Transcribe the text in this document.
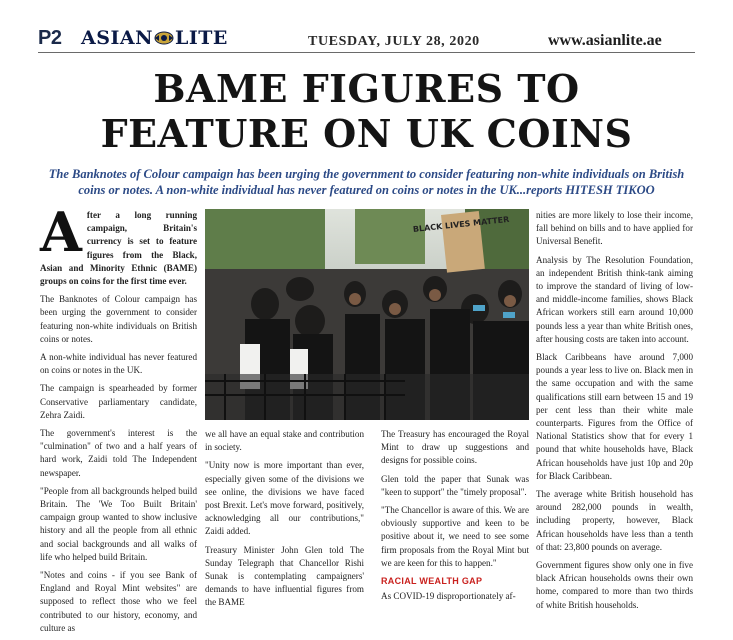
P2 ASIAN LITE	TUESDAY, JULY 28, 2020	www.asianlite.ae
BAME FIGURES TO
FEATURE ON UK COINS
The Banknotes of Colour campaign has been urging the government to consider featuring non-white individuals on British coins or notes. A non-white individual has never featured on coins or notes in the UK...reports HITESH TIKOO

A fter a long running campaign, Britain's currency is set to feature figures from the Black, Asian and Minority Ethnic (BAME) groups on coins for the first time ever.

The Banknotes of Colour campaign has been urging the government to consider featuring non-white individuals on British coins or notes.

A non-white individual has never featured on coins or notes in the UK.

The campaign is spearheaded by former Conservative parliamentary candidate, Zehra Zaidi.

The government's interest is the "culmination" of two and a half years of hard work, Zaidi told The Independent newspaper.

"People from all backgrounds helped build Britain. The 'We Too Built Britain' campaign group wanted to show inclusive history and all the people from all ethnic and social backgrounds and all walks of life who helped build Britain.

"Notes and coins - if you see Bank of England and Royal Mint websites" are supposed to reflect those who we feel contributed to our history, economy, and culture as

BLACK LIVES MATTER

we all have an equal stake and contribution in society.

"Unity now is more important than ever, especially given some of the divisions we see online, the divisions we have faced post Brexit. Let's move forward, positively, acknowledging all our contributions," Zaidi added.

Treasury Minister John Glen told The Sunday Telegraph that Chancellor Rishi Sunak is contemplating campaigners' demands to have influential figures from the BAME

The Treasury has encouraged the Royal Mint to draw up suggestions and designs for possible coins.

Glen told the paper that Sunak was "keen to support" the "timely proposal".

"The Chancellor is aware of this. We are obviously supportive and keen to be positive about it, we need to see some firm proposals from the Royal Mint but we are keen for this to happen."

RACIAL WEALTH GAP

As COVID-19 disproportionately af-

nities are more likely to lose their income, fall behind on bills and to have applied for Universal Benefit.

Analysis by The Resolution Foundation, an independent British think-tank aiming to improve the standard of living of low- and middle-income families, shows Black African workers still earn around 10,000 pounds less a year than white British ones, after housing costs are taken into account.

Black Caribbeans have around 7,000 pounds a year less to live on. Black men in the same occupation and with the same qualifications still earn between 15 and 19 per cent less than their white male counterparts. Figures from the Office of National Statistics show that for every 1 pound that white households have, Black African households have just 10p and 20p for Black Caribbean.

The average white British household has around 282,000 pounds in wealth, including property, however, Black African households have less than a tenth of that: 23,800 pounds on average.

Government figures show only one in five black African households owns their own home, compared to more than two thirds of white British households.
